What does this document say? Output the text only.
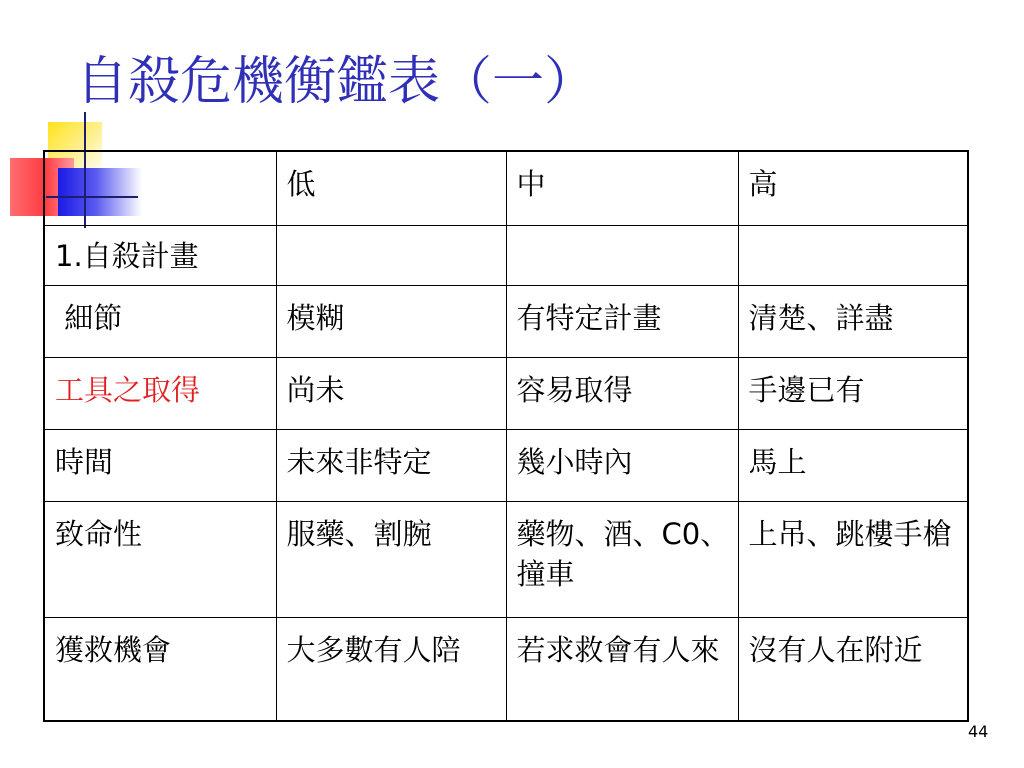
自殺危機衡鑑表（一）
	低	中	高
1.自殺計畫			
細節	模糊	有特定計畫	清楚、詳盡
工具之取得	尚未	容易取得	手邊已有
時間	未來非特定	幾小時內	馬上
致命性	服藥、割腕	藥物、酒、C0、撞車	上吊、跳樓手槍
獲救機會	大多數有人陪	若求救會有人來	沒有人在附近
44
